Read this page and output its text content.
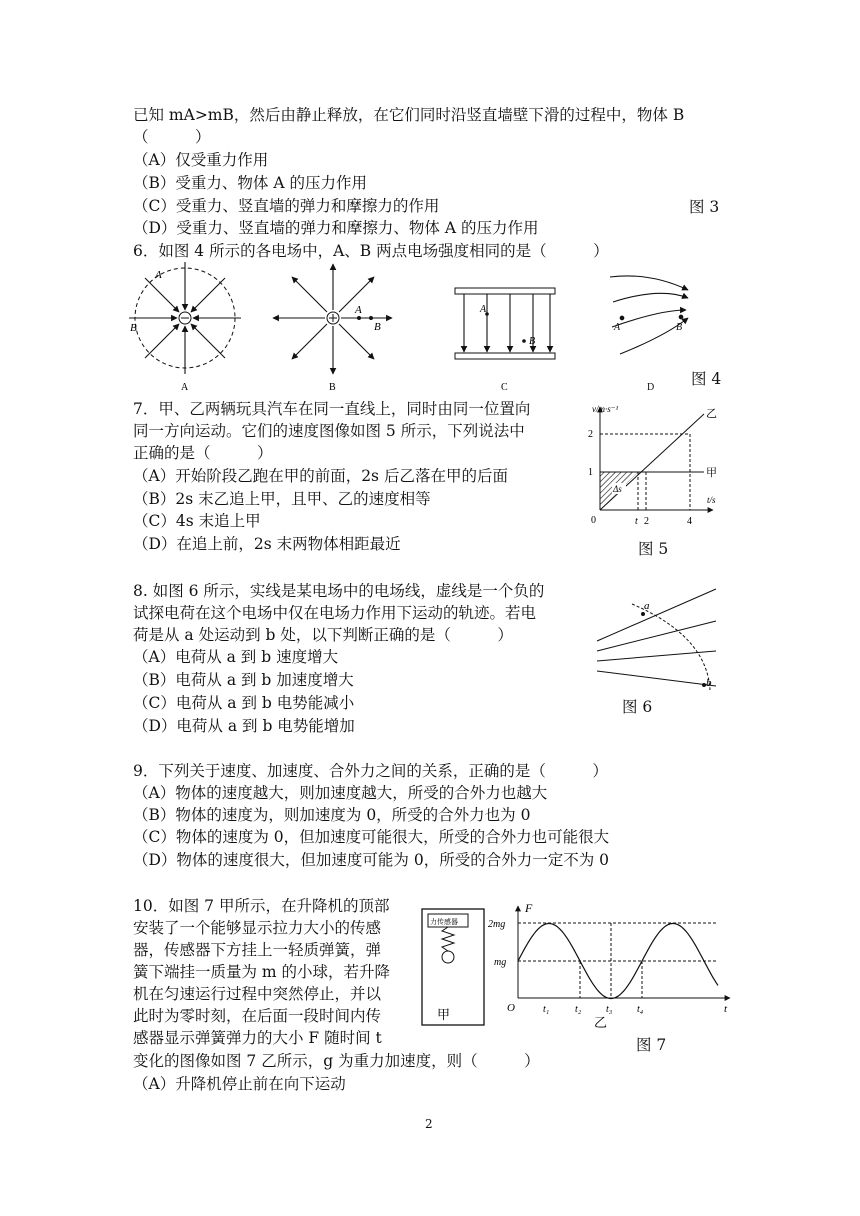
已知 mA>mB，然后由静止释放，在它们同时沿竖直墙壁下滑的过程中，物体 B
（　　　）
（A）仅受重力作用
（B）受重力、物体 A 的压力作用
（C）受重力、竖直墙的弹力和摩擦力的作用	图 3
（D）受重力、竖直墙的弹力和摩擦力、物体 A 的压力作用
6．如图 4 所示的各电场中，A、B 两点电场强度相同的是（　　　）
A
B
A
A
B
B
A
B
C
A	B
D 图 4
7．甲、乙两辆玩具汽车在同一直线上，同时由同一位置向
同一方向运动。它们的速度图像如图 5 所示，下列说法中
正确的是（　　　）
（A）开始阶段乙跑在甲的前面，2s 后乙落在甲的后面
（B）2s 末乙追上甲，且甲、乙的速度相等
（C）4s 末追上甲
（D）在追上前，2s 末两物体相距最近
v/m·s⁻¹
t/s
2
1
0	t 2	4
乙
甲
Δs
图 5
8. 如图 6 所示，实线是某电场中的电场线，虚线是一个负的
试探电荷在这个电场中仅在电场力作用下运动的轨迹。若电
荷是从 a 处运动到 b 处，以下判断正确的是（　　　）
（A）电荷从 a 到 b 速度增大
（B）电荷从 a 到 b 加速度增大
（C）电荷从 a 到 b 电势能减小
（D）电荷从 a 到 b 电势能增加
a
b
图 6
9．下列关于速度、加速度、合外力之间的关系，正确的是（　　　）
（A）物体的速度越大，则加速度越大，所受的合外力也越大
（B）物体的速度为，则加速度为 0，所受的合外力也为 0
（C）物体的速度为 0，但加速度可能很大，所受的合外力也可能很大
（D）物体的速度很大，但加速度可能为 0，所受的合外力一定不为 0
10．如图 7 甲所示，在升降机的顶部
安装了一个能够显示拉力大小的传感
器，传感器下方挂上一轻质弹簧，弹
簧下端挂一质量为 m 的小球，若升降
机在匀速运行过程中突然停止，并以
此时为零时刻，在后面一段时间内传
感器显示弹簧弹力的大小 F 随时间 t
变化的图像如图 7 乙所示，g 为重力加速度，则（　　　）
（A）升降机停止前在向下运动
力传感器
甲
F
2mg
mg
O	t₁	t₂ t₃ t₄	t
乙
图 7
2
